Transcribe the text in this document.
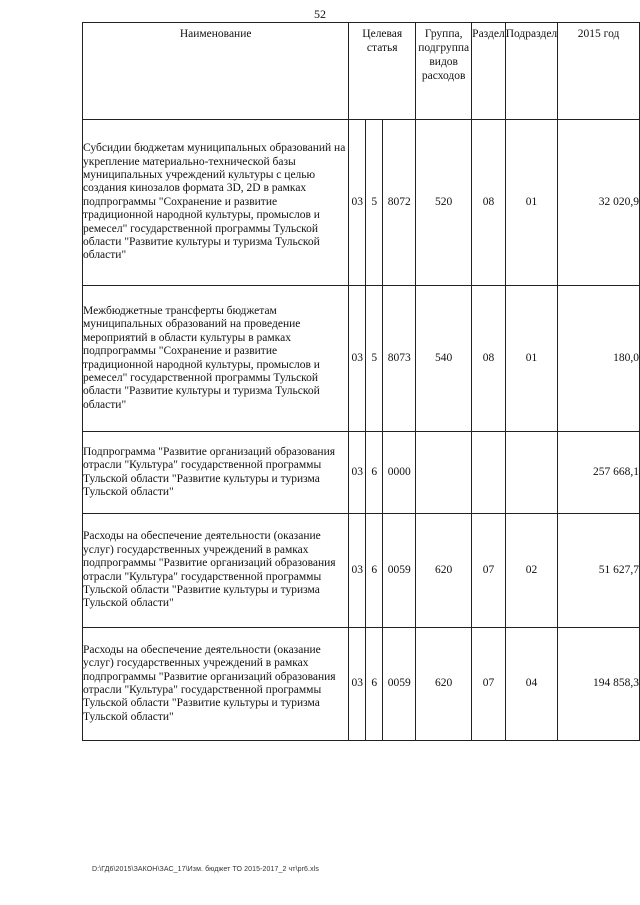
52
Наименование	Целевая статья			Группа, подгруппа видов расходов	Раздел	Подраздел	2015 год
Субсидии бюджетам муниципальных образований на укрепление материально-технической базы муниципальных учреждений культуры с целью создания кинозалов формата 3D, 2D в рамках подпрограммы "Сохранение и развитие традиционной народной культуры, промыслов и ремесел" государственной программы Тульской области "Развитие культуры и туризма Тульской области"	03	5	8072	520	08	01	32 020,9
Межбюджетные трансферты бюджетам муниципальных образований на проведение мероприятий в области культуры в рамках подпрограммы "Сохранение и развитие традиционной народной культуры, промыслов и ремесел" государственной программы Тульской области "Развитие культуры и туризма Тульской области"	03	5	8073	540	08	01	180,0
Подпрограмма "Развитие организаций образования отрасли "Культура" государственной программы Тульской области "Развитие культуры и туризма Тульской области"	03	6	0000				257 668,1
Расходы на обеспечение деятельности (оказание услуг) государственных учреждений в рамках подпрограммы "Развитие организаций образования отрасли "Культура" государственной программы Тульской области "Развитие культуры и туризма Тульской области"	03	6	0059	620	07	02	51 627,7
Расходы на обеспечение деятельности (оказание услуг) государственных учреждений в рамках подпрограммы "Развитие организаций образования отрасли "Культура" государственной программы Тульской области "Развитие культуры и туризма Тульской области"	03	6	0059	620	07	04	194 858,3
D:\ГД6\2015\ЗАКОН\ЗАС_17\Изм. бюджет ТО 2015-2017_2 чт\pr6.xls
